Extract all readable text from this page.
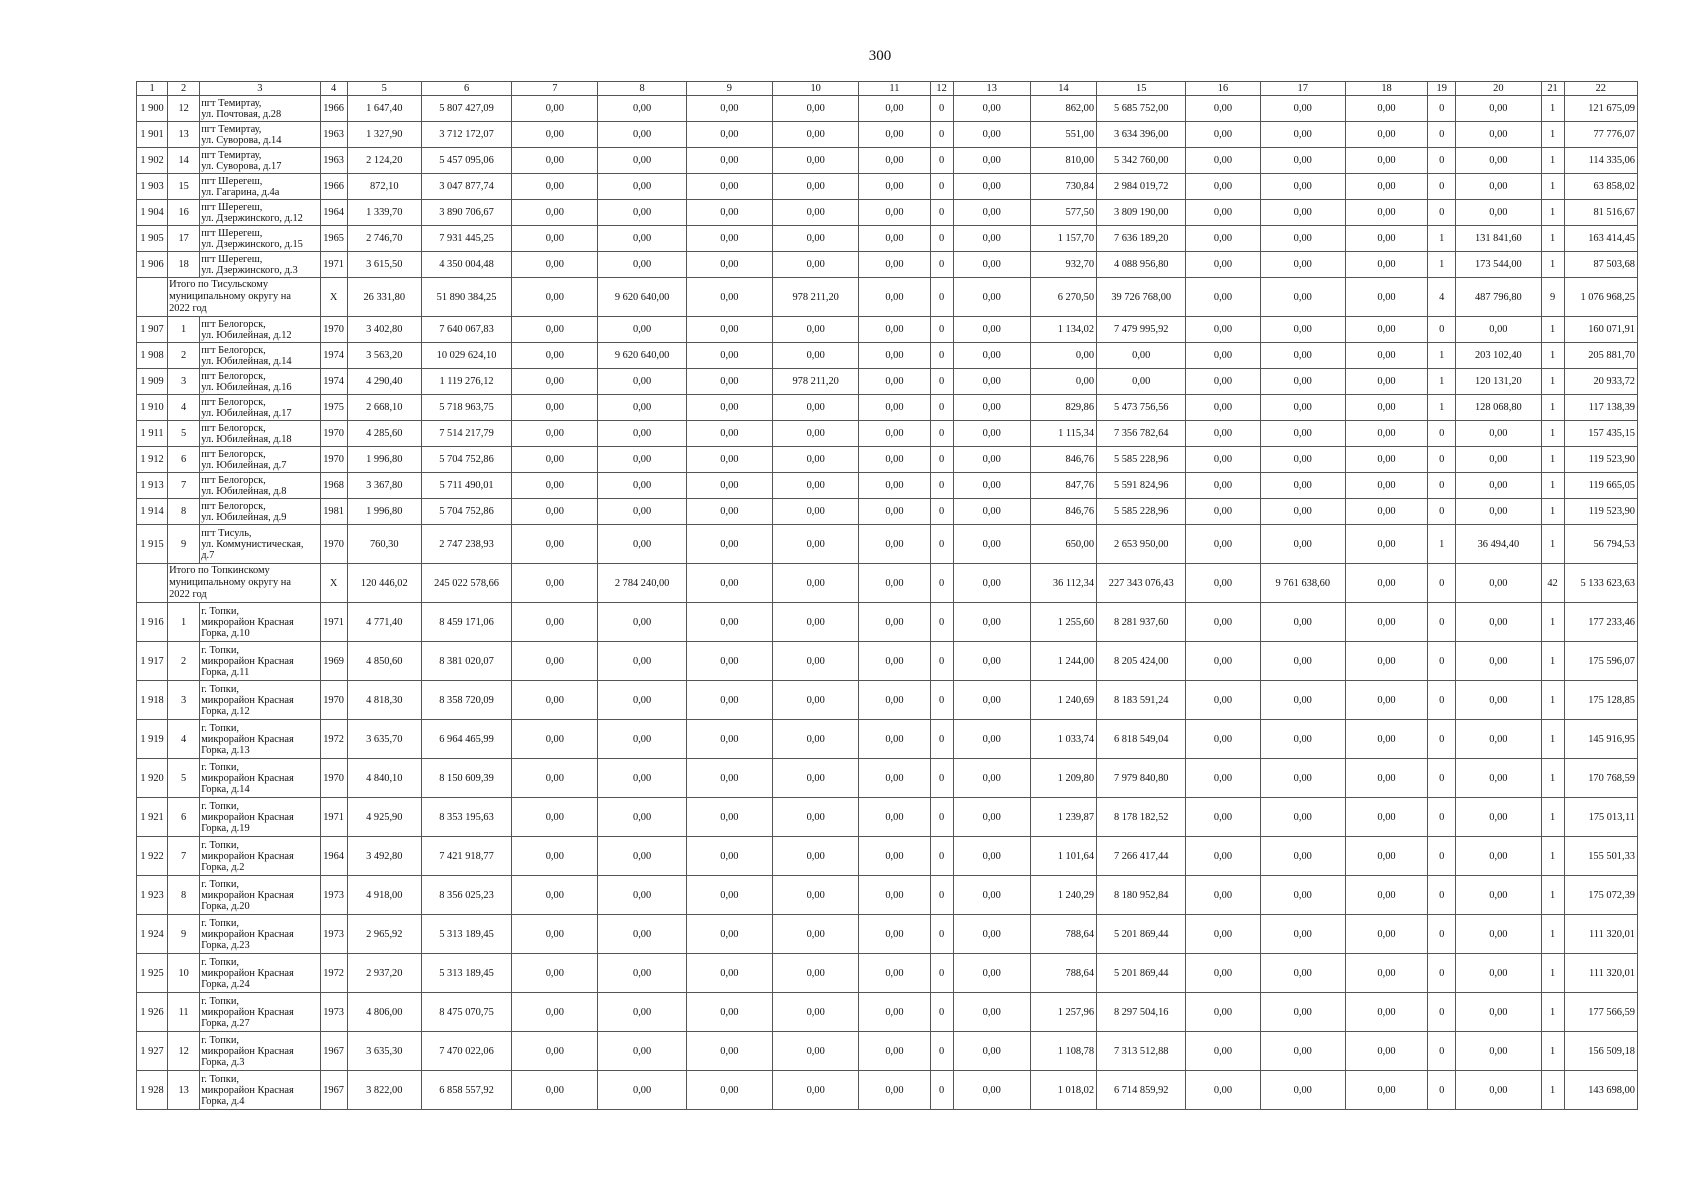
300
1	2	3	4	5	6	7	8	9	10	11	12	13	14	15	16	17	18	19	20	21	22
1 900	12	пгт Темиртау,
ул. Почтовая, д.28	1966	1 647,40	5 807 427,09	0,00	0,00	0,00	0,00	0,00	0	0,00	862,00	5 685 752,00	0,00	0,00	0,00	0	0,00	1	121 675,09
1 901	13	пгт Темиртау,
ул. Суворова, д.14	1963	1 327,90	3 712 172,07	0,00	0,00	0,00	0,00	0,00	0	0,00	551,00	3 634 396,00	0,00	0,00	0,00	0	0,00	1	77 776,07
1 902	14	пгт Темиртау,
ул. Суворова, д.17	1963	2 124,20	5 457 095,06	0,00	0,00	0,00	0,00	0,00	0	0,00	810,00	5 342 760,00	0,00	0,00	0,00	0	0,00	1	114 335,06
1 903	15	пгт Шерегеш,
ул. Гагарина, д.4а	1966	872,10	3 047 877,74	0,00	0,00	0,00	0,00	0,00	0	0,00	730,84	2 984 019,72	0,00	0,00	0,00	0	0,00	1	63 858,02
1 904	16	пгт Шерегеш,
ул. Дзержинского, д.12	1964	1 339,70	3 890 706,67	0,00	0,00	0,00	0,00	0,00	0	0,00	577,50	3 809 190,00	0,00	0,00	0,00	0	0,00	1	81 516,67
1 905	17	пгт Шерегеш,
ул. Дзержинского, д.15	1965	2 746,70	7 931 445,25	0,00	0,00	0,00	0,00	0,00	0	0,00	1 157,70	7 636 189,20	0,00	0,00	0,00	1	131 841,60	1	163 414,45
1 906	18	пгт Шерегеш,
ул. Дзержинского, д.3	1971	3 615,50	4 350 004,48	0,00	0,00	0,00	0,00	0,00	0	0,00	932,70	4 088 956,80	0,00	0,00	0,00	1	173 544,00	1	87 503,68
	Итого по Тисульскому
муниципальному округу на
2022 год		X	26 331,80	51 890 384,25	0,00	9 620 640,00	0,00	978 211,20	0,00	0	0,00	6 270,50	39 726 768,00	0,00	0,00	0,00	4	487 796,80	9	1 076 968,25
1 907	1	пгт Белогорск,
ул. Юбилейная, д.12	1970	3 402,80	7 640 067,83	0,00	0,00	0,00	0,00	0,00	0	0,00	1 134,02	7 479 995,92	0,00	0,00	0,00	0	0,00	1	160 071,91
1 908	2	пгт Белогорск,
ул. Юбилейная, д.14	1974	3 563,20	10 029 624,10	0,00	9 620 640,00	0,00	0,00	0,00	0	0,00	0,00	0,00	0,00	0,00	0,00	1	203 102,40	1	205 881,70
1 909	3	пгт Белогорск,
ул. Юбилейная, д.16	1974	4 290,40	1 119 276,12	0,00	0,00	0,00	978 211,20	0,00	0	0,00	0,00	0,00	0,00	0,00	0,00	1	120 131,20	1	20 933,72
1 910	4	пгт Белогорск,
ул. Юбилейная, д.17	1975	2 668,10	5 718 963,75	0,00	0,00	0,00	0,00	0,00	0	0,00	829,86	5 473 756,56	0,00	0,00	0,00	1	128 068,80	1	117 138,39
1 911	5	пгт Белогорск,
ул. Юбилейная, д.18	1970	4 285,60	7 514 217,79	0,00	0,00	0,00	0,00	0,00	0	0,00	1 115,34	7 356 782,64	0,00	0,00	0,00	0	0,00	1	157 435,15
1 912	6	пгт Белогорск,
ул. Юбилейная, д.7	1970	1 996,80	5 704 752,86	0,00	0,00	0,00	0,00	0,00	0	0,00	846,76	5 585 228,96	0,00	0,00	0,00	0	0,00	1	119 523,90
1 913	7	пгт Белогорск,
ул. Юбилейная, д.8	1968	3 367,80	5 711 490,01	0,00	0,00	0,00	0,00	0,00	0	0,00	847,76	5 591 824,96	0,00	0,00	0,00	0	0,00	1	119 665,05
1 914	8	пгт Белогорск,
ул. Юбилейная, д.9	1981	1 996,80	5 704 752,86	0,00	0,00	0,00	0,00	0,00	0	0,00	846,76	5 585 228,96	0,00	0,00	0,00	0	0,00	1	119 523,90
1 915	9	пгт Тисуль,
ул. Коммунистическая,
д.7	1970	760,30	2 747 238,93	0,00	0,00	0,00	0,00	0,00	0	0,00	650,00	2 653 950,00	0,00	0,00	0,00	1	36 494,40	1	56 794,53
	Итого по Топкинскому
муниципальному округу на
2022 год		X	120 446,02	245 022 578,66	0,00	2 784 240,00	0,00	0,00	0,00	0	0,00	36 112,34	227 343 076,43	0,00	9 761 638,60	0,00	0	0,00	42	5 133 623,63
1 916	1	г. Топки,
микрорайон Красная
Горка, д.10	1971	4 771,40	8 459 171,06	0,00	0,00	0,00	0,00	0,00	0	0,00	1 255,60	8 281 937,60	0,00	0,00	0,00	0	0,00	1	177 233,46
1 917	2	г. Топки,
микрорайон Красная
Горка, д.11	1969	4 850,60	8 381 020,07	0,00	0,00	0,00	0,00	0,00	0	0,00	1 244,00	8 205 424,00	0,00	0,00	0,00	0	0,00	1	175 596,07
1 918	3	г. Топки,
микрорайон Красная
Горка, д.12	1970	4 818,30	8 358 720,09	0,00	0,00	0,00	0,00	0,00	0	0,00	1 240,69	8 183 591,24	0,00	0,00	0,00	0	0,00	1	175 128,85
1 919	4	г. Топки,
микрорайон Красная
Горка, д.13	1972	3 635,70	6 964 465,99	0,00	0,00	0,00	0,00	0,00	0	0,00	1 033,74	6 818 549,04	0,00	0,00	0,00	0	0,00	1	145 916,95
1 920	5	г. Топки,
микрорайон Красная
Горка, д.14	1970	4 840,10	8 150 609,39	0,00	0,00	0,00	0,00	0,00	0	0,00	1 209,80	7 979 840,80	0,00	0,00	0,00	0	0,00	1	170 768,59
1 921	6	г. Топки,
микрорайон Красная
Горка, д.19	1971	4 925,90	8 353 195,63	0,00	0,00	0,00	0,00	0,00	0	0,00	1 239,87	8 178 182,52	0,00	0,00	0,00	0	0,00	1	175 013,11
1 922	7	г. Топки,
микрорайон Красная
Горка, д.2	1964	3 492,80	7 421 918,77	0,00	0,00	0,00	0,00	0,00	0	0,00	1 101,64	7 266 417,44	0,00	0,00	0,00	0	0,00	1	155 501,33
1 923	8	г. Топки,
микрорайон Красная
Горка, д.20	1973	4 918,00	8 356 025,23	0,00	0,00	0,00	0,00	0,00	0	0,00	1 240,29	8 180 952,84	0,00	0,00	0,00	0	0,00	1	175 072,39
1 924	9	г. Топки,
микрорайон Красная
Горка, д.23	1973	2 965,92	5 313 189,45	0,00	0,00	0,00	0,00	0,00	0	0,00	788,64	5 201 869,44	0,00	0,00	0,00	0	0,00	1	111 320,01
1 925	10	г. Топки,
микрорайон Красная
Горка, д.24	1972	2 937,20	5 313 189,45	0,00	0,00	0,00	0,00	0,00	0	0,00	788,64	5 201 869,44	0,00	0,00	0,00	0	0,00	1	111 320,01
1 926	11	г. Топки,
микрорайон Красная
Горка, д.27	1973	4 806,00	8 475 070,75	0,00	0,00	0,00	0,00	0,00	0	0,00	1 257,96	8 297 504,16	0,00	0,00	0,00	0	0,00	1	177 566,59
1 927	12	г. Топки,
микрорайон Красная
Горка, д.3	1967	3 635,30	7 470 022,06	0,00	0,00	0,00	0,00	0,00	0	0,00	1 108,78	7 313 512,88	0,00	0,00	0,00	0	0,00	1	156 509,18
1 928	13	г. Топки,
микрорайон Красная
Горка, д.4	1967	3 822,00	6 858 557,92	0,00	0,00	0,00	0,00	0,00	0	0,00	1 018,02	6 714 859,92	0,00	0,00	0,00	0	0,00	1	143 698,00
